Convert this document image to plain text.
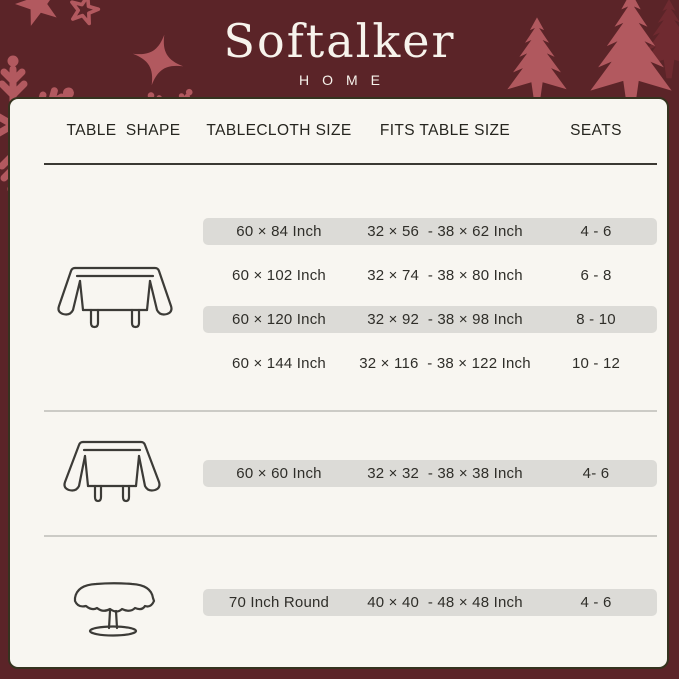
Softalker
HOME
TABLE  SHAPE	TABLECLOTH SIZE	FITS TABLE SIZE	SEATS
60 × 84 Inch	32 × 56  - 38 × 62 Inch	4 - 6
60 × 102 Inch	32 × 74  - 38 × 80 Inch	6 - 8
60 × 120 Inch	32 × 92  - 38 × 98 Inch	8 - 10
60 × 144 Inch	32 × 116  - 38 × 122 Inch	10 - 12
60 × 60 Inch	32 × 32  - 38 × 38 Inch	4- 6
70 Inch Round	40 × 40  - 48 × 48 Inch	4 - 6
